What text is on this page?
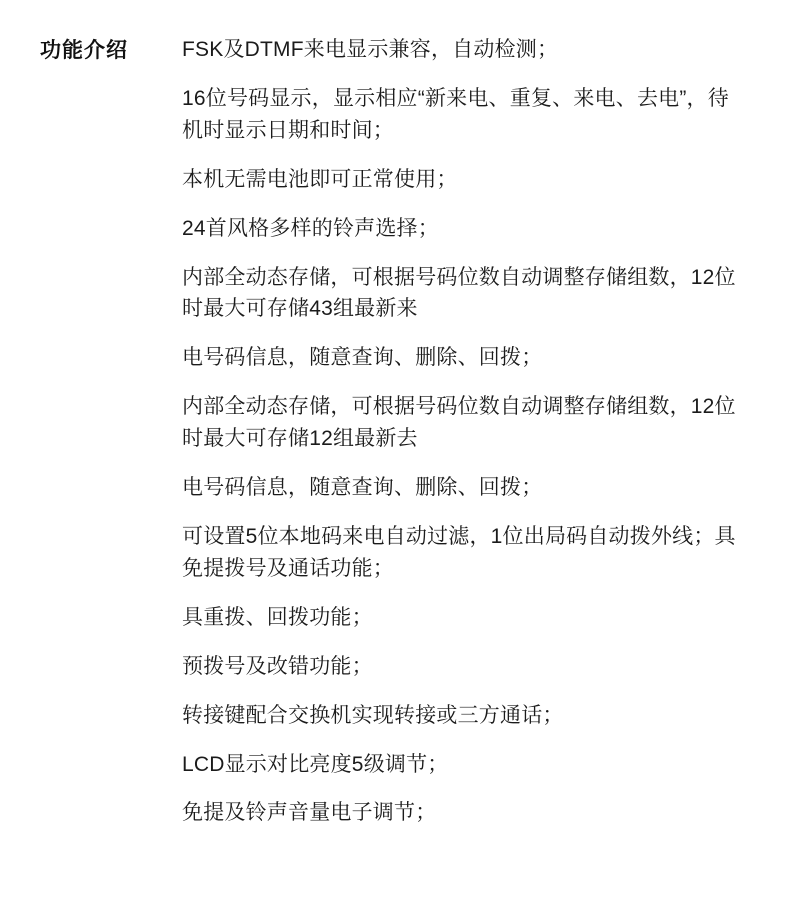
功能介绍	FSK及DTMF来电显示兼容，自动检测；
16位号码显示，显示相应“新来电、重复、来电、去电”，待机时显示日期和时间；
本机无需电池即可正常使用；
24首风格多样的铃声选择；
内部全动态存储，可根据号码位数自动调整存储组数，12位时最大可存储43组最新来
电号码信息，随意查询、删除、回拨；
内部全动态存储，可根据号码位数自动调整存储组数，12位时最大可存储12组最新去
电号码信息，随意查询、删除、回拨；
可设置5位本地码来电自动过滤，1位出局码自动拨外线；具免提拨号及通话功能；
具重拨、回拨功能；
预拨号及改错功能；
转接键配合交换机实现转接或三方通话；
LCD显示对比亮度5级调节；
免提及铃声音量电子调节；
